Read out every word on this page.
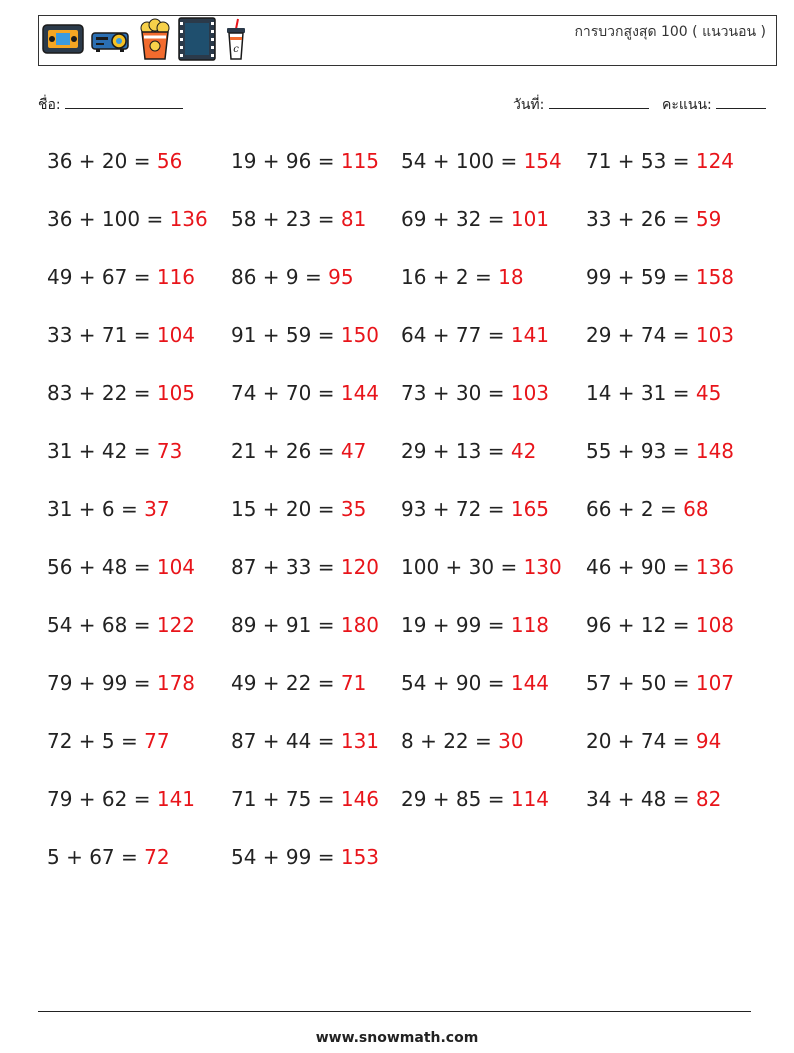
c
การบวกสูงสุด 100 ( แนวนอน )
ชื่อ:	วันที่:	คะแนน:
36 + 20 = 56 19 + 96 = 115 54 + 100 = 154 71 + 53 = 124
36 + 100 = 136 58 + 23 = 81 69 + 32 = 101 33 + 26 = 59
49 + 67 = 116 86 + 9 = 95 16 + 2 = 18	99 + 59 = 158
33 + 71 = 104 91 + 59 = 150 64 + 77 = 141 29 + 74 = 103
83 + 22 = 105 74 + 70 = 144 73 + 30 = 103 14 + 31 = 45
31 + 42 = 73 21 + 26 = 47 29 + 13 = 42 55 + 93 = 148
31 + 6 = 37	15 + 20 = 35 93 + 72 = 165 66 + 2 = 68
56 + 48 = 104 87 + 33 = 120 100 + 30 = 130 46 + 90 = 136
54 + 68 = 122 89 + 91 = 180 19 + 99 = 118 96 + 12 = 108
79 + 99 = 178 49 + 22 = 71 54 + 90 = 144 57 + 50 = 107
72 + 5 = 77	87 + 44 = 131 8 + 22 = 30	20 + 74 = 94
79 + 62 = 141 71 + 75 = 146 29 + 85 = 114 34 + 48 = 82
5 + 67 = 72	54 + 99 = 153
www.snowmath.com
